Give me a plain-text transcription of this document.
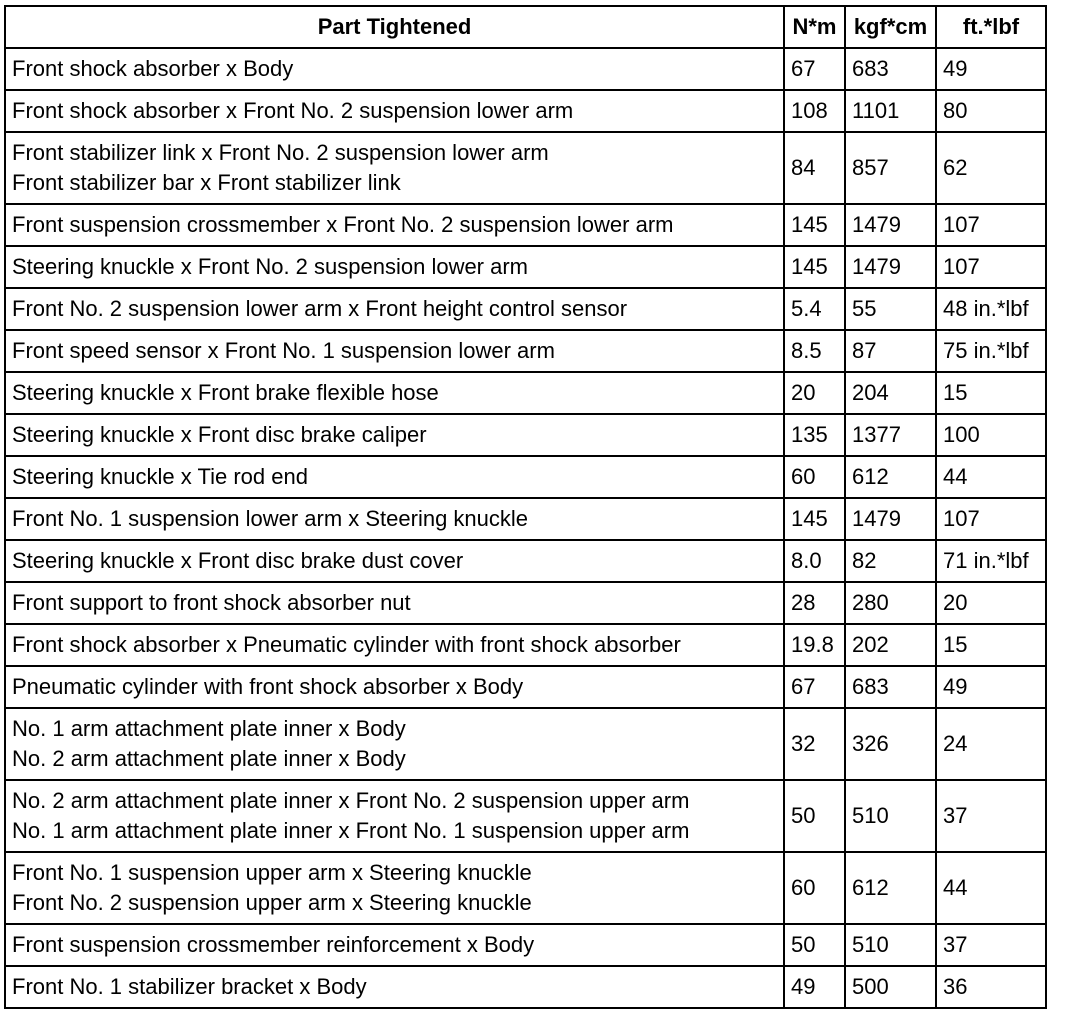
Part Tightened	N*m	kgf*cm	ft.*lbf

Front shock absorber x Body	67	683	49

Front shock absorber x Front No. 2 suspension lower arm	108	1101	80

Front stabilizer link x Front No. 2 suspension lower arm
Front stabilizer bar x Front stabilizer link	84	857	62

Front suspension crossmember x Front No. 2 suspension lower arm	145	1479	107

Steering knuckle x Front No. 2 suspension lower arm	145	1479	107

Front No. 2 suspension lower arm x Front height control sensor	5.4	55	48 in.*lbf

Front speed sensor x Front No. 1 suspension lower arm	8.5	87	75 in.*lbf

Steering knuckle x Front brake flexible hose	20	204	15

Steering knuckle x Front disc brake caliper	135	1377	100

Steering knuckle x Tie rod end	60	612	44

Front No. 1 suspension lower arm x Steering knuckle	145	1479	107

Steering knuckle x Front disc brake dust cover	8.0	82	71 in.*lbf

Front support to front shock absorber nut	28	280	20

Front shock absorber x Pneumatic cylinder with front shock absorber	19.8	202	15

Pneumatic cylinder with front shock absorber x Body	67	683	49

No. 1 arm attachment plate inner x Body
No. 2 arm attachment plate inner x Body	32	326	24

No. 2 arm attachment plate inner x Front No. 2 suspension upper arm
No. 1 arm attachment plate inner x Front No. 1 suspension upper arm	50	510	37

Front No. 1 suspension upper arm x Steering knuckle
Front No. 2 suspension upper arm x Steering knuckle	60	612	44

Front suspension crossmember reinforcement x Body	50	510	37

Front No. 1 stabilizer bracket x Body	49	500	36
